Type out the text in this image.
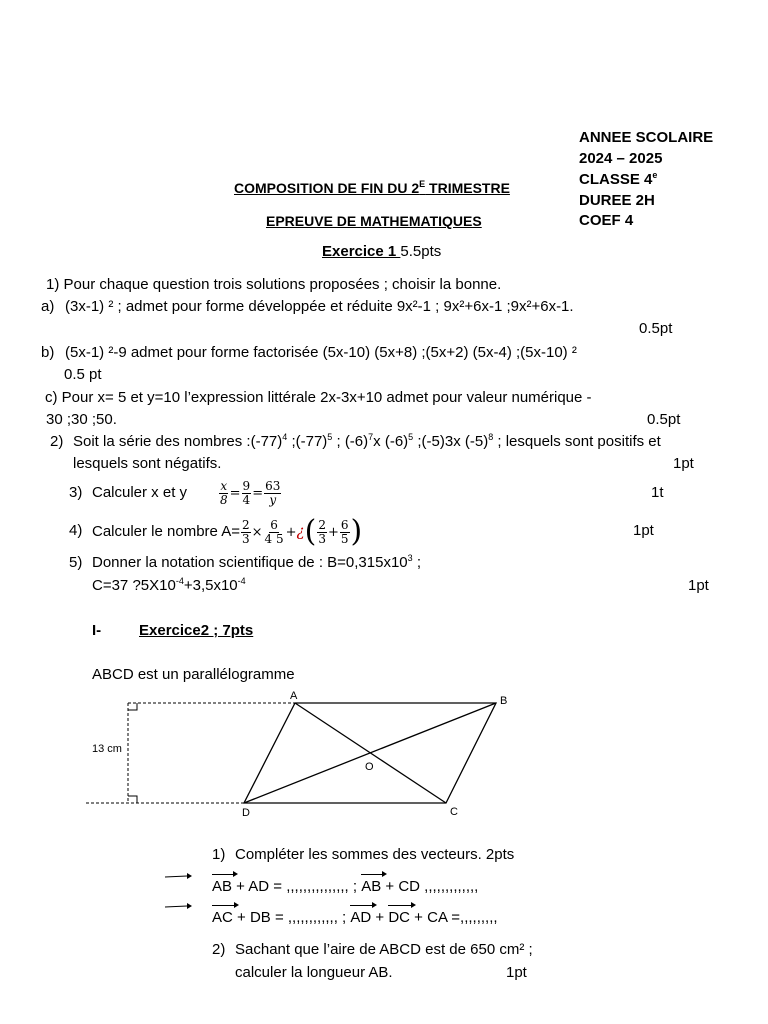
ANNEE SCOLAIRE
2024 – 2025
CLASSE 4e
DUREE 2H
COEF 4
COMPOSITION DE FIN DU $2^E$ TRIMESTRE
EPREUVE DE MATHEMATIQUES
Exercice 1 5.5pts
1) Pour chaque question trois solutions proposées ; choisir la bonne.
a) (3x-1) ² ; admet pour forme développée et réduite 9x²-1 ; 9x²+6x-1 ;9x²+6x-1.
0.5pt
b) (5x-1) ²-9 admet pour forme factorisée (5x-10) (5x+8) ;(5x+2) (5x-4) ;(5x-10) ²
0.5 pt
c) Pour x= 5 et y=10 l’expression littérale 2x-3x+10 admet pour valeur numérique -
30 ;30 ;50.	0.5pt
2) Soit la série des nombres $:(-77)^4$ $;(-77)^5$ ; $(-6)^7x$ $(-6)^5$ ;(-5)3x $(-5)^8$ ; lesquels sont positifs et
lesquels sont négatifs.	1pt
3) Calculer x et y	$\frac{x}{8} = \frac{9}{4} = \frac{63}{y}$	1t
4) Calculer le nombre $A= \frac{2}{3} \times \frac{6}{4 5}$ +¿( $\frac{2}{3} + \frac{6}{5}$ )	1pt
5) Donner la notation scientifique de : $B=0,315x10^3$ ;
C=37 $?5X10^{-4}+3,5x10^{-4}$	1pt
I-	Exercice2 ; 7pts
ABCD est un parallélogramme
A	B
C
D
O
13 cm
1) Compléter les sommes des vecteurs. 2pts
AB + AD = ,,,,,,,,,,,,,,, ; AB + CD ,,,,,,,,,,,,,
AC + DB = ,,,,,,,,,,,, ; AD + DC + CA =,,,,,,,,,
2) Sachant que l’aire de ABCD est de 650 cm² ;
calculer la longueur AB.	1pt
